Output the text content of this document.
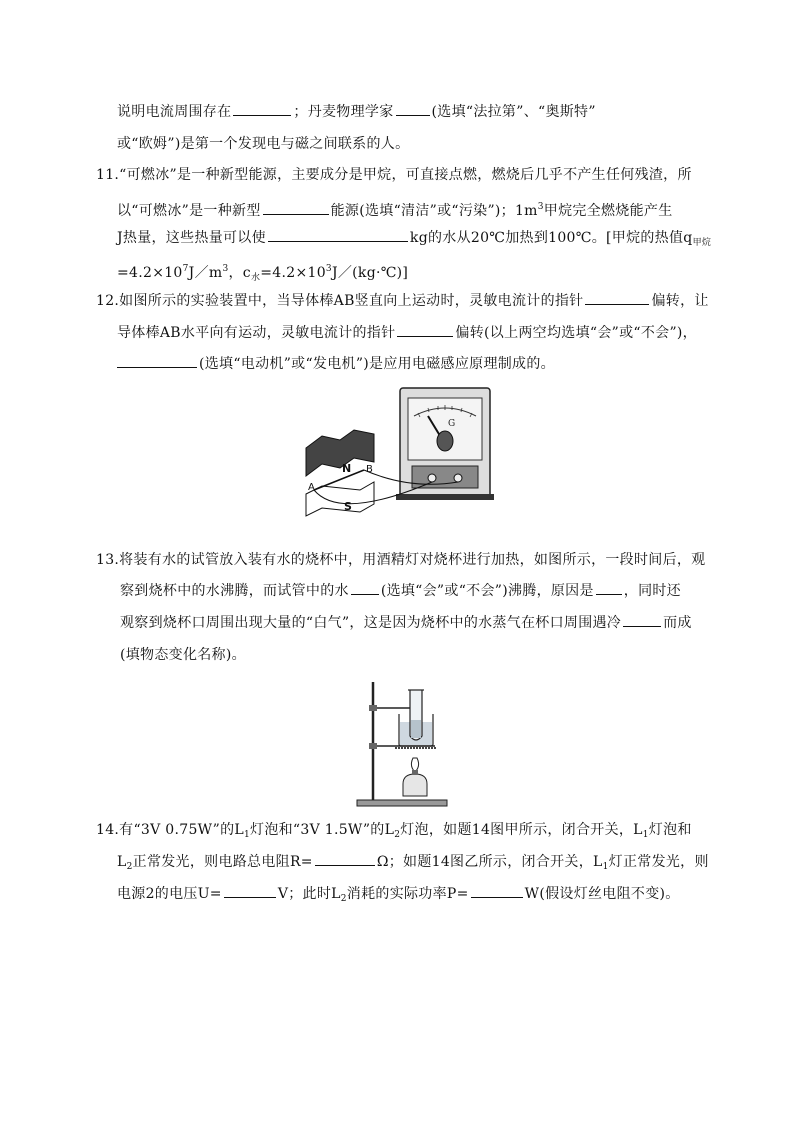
说明电流周围存在	；丹麦物理学家	(选填“法拉第”、“奥斯特”
或“欧姆”)是第一个发现电与磁之间联系的人。
11.“可燃冰”是一种新型能源，主要成分是甲烷，可直接点燃，燃烧后几乎不产生任何残渣，所
以“可燃冰”是一种新型	能源(选填“清洁”或“污染”)；$1m^3$甲烷完全燃烧能产生
J热量，这些热量可以使	kg的水从20℃加热到100℃。[甲烷的热值$q_{甲烷}$
$=4.2\times 10^7J/m^3$，$c_水=4.2\times 10^3J/(kg\cdot℃)$]
12.如图所示的实验装置中，当导体棒AB竖直向上运动时，灵敏电流计的指针	偏转，让
导体棒AB水平向有运动，灵敏电流计的指针	偏转(以上两空均选填“会”或“不会”)，
(选填“电动机”或“发电机”)是应用电磁感应原理制成的。
G
N
S
A
B
13.将装有水的试管放入装有水的烧杯中，用酒精灯对烧杯进行加热，如图所示，一段时间后，观
察到烧杯中的水沸腾，而试管中的水 (选填“会”或“不会”)沸腾，原因是 ，同时还
观察到烧杯口周围出现大量的“白气”，这是因为烧杯中的水蒸气在杯口周围遇冷	而成
(填物态变化名称)。
14.有“3V 0.75W”的$L_1$灯泡和“3V 1.5W”的$L_2$灯泡，如题14图甲所示，闭合开关，$L_1$灯泡和
$L_2$正常发光，则电路总电阻R=	Ω；如题14图乙所示，闭合开关，$L_1$灯正常发光，则
电源2的电压U=	V；此时$L_2$消耗的实际功率P=	W(假设灯丝电阻不变)。
